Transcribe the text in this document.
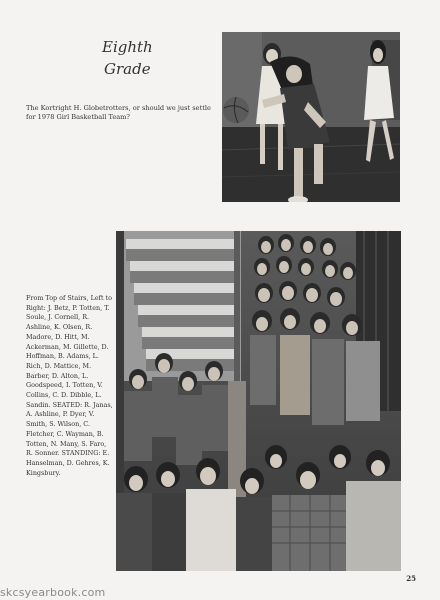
Eighth
Grade
The Kortright H. Globetrotters, or should we just settle for 1978 Girl Basketball Team?
From Top of Stairs, Left to Right: J. Betz, P. Totten, T. Soule, J. Cornell, R. Ashline, K. Olsen, R. Madore, D. Hitt, M. Ackerman, M. Gillette, D. Hoffman, B. Adams, L. Rich, D. Mattice, M. Barber, D. Alton, L. Goodspeed, I. Totten, V. Collins, C. D. Dibble, L. Sandin. SEATED: R. Janas, A. Ashline, P. Dyer, V. Smith, S. Wilson, C. Fletcher, C. Wayman, B. Totten, N. Many, S. Faro, R. Sonner. STANDING: E. Hanselman, D. Gehres, K. Kingsbury.
25
skcsyearbook.com
